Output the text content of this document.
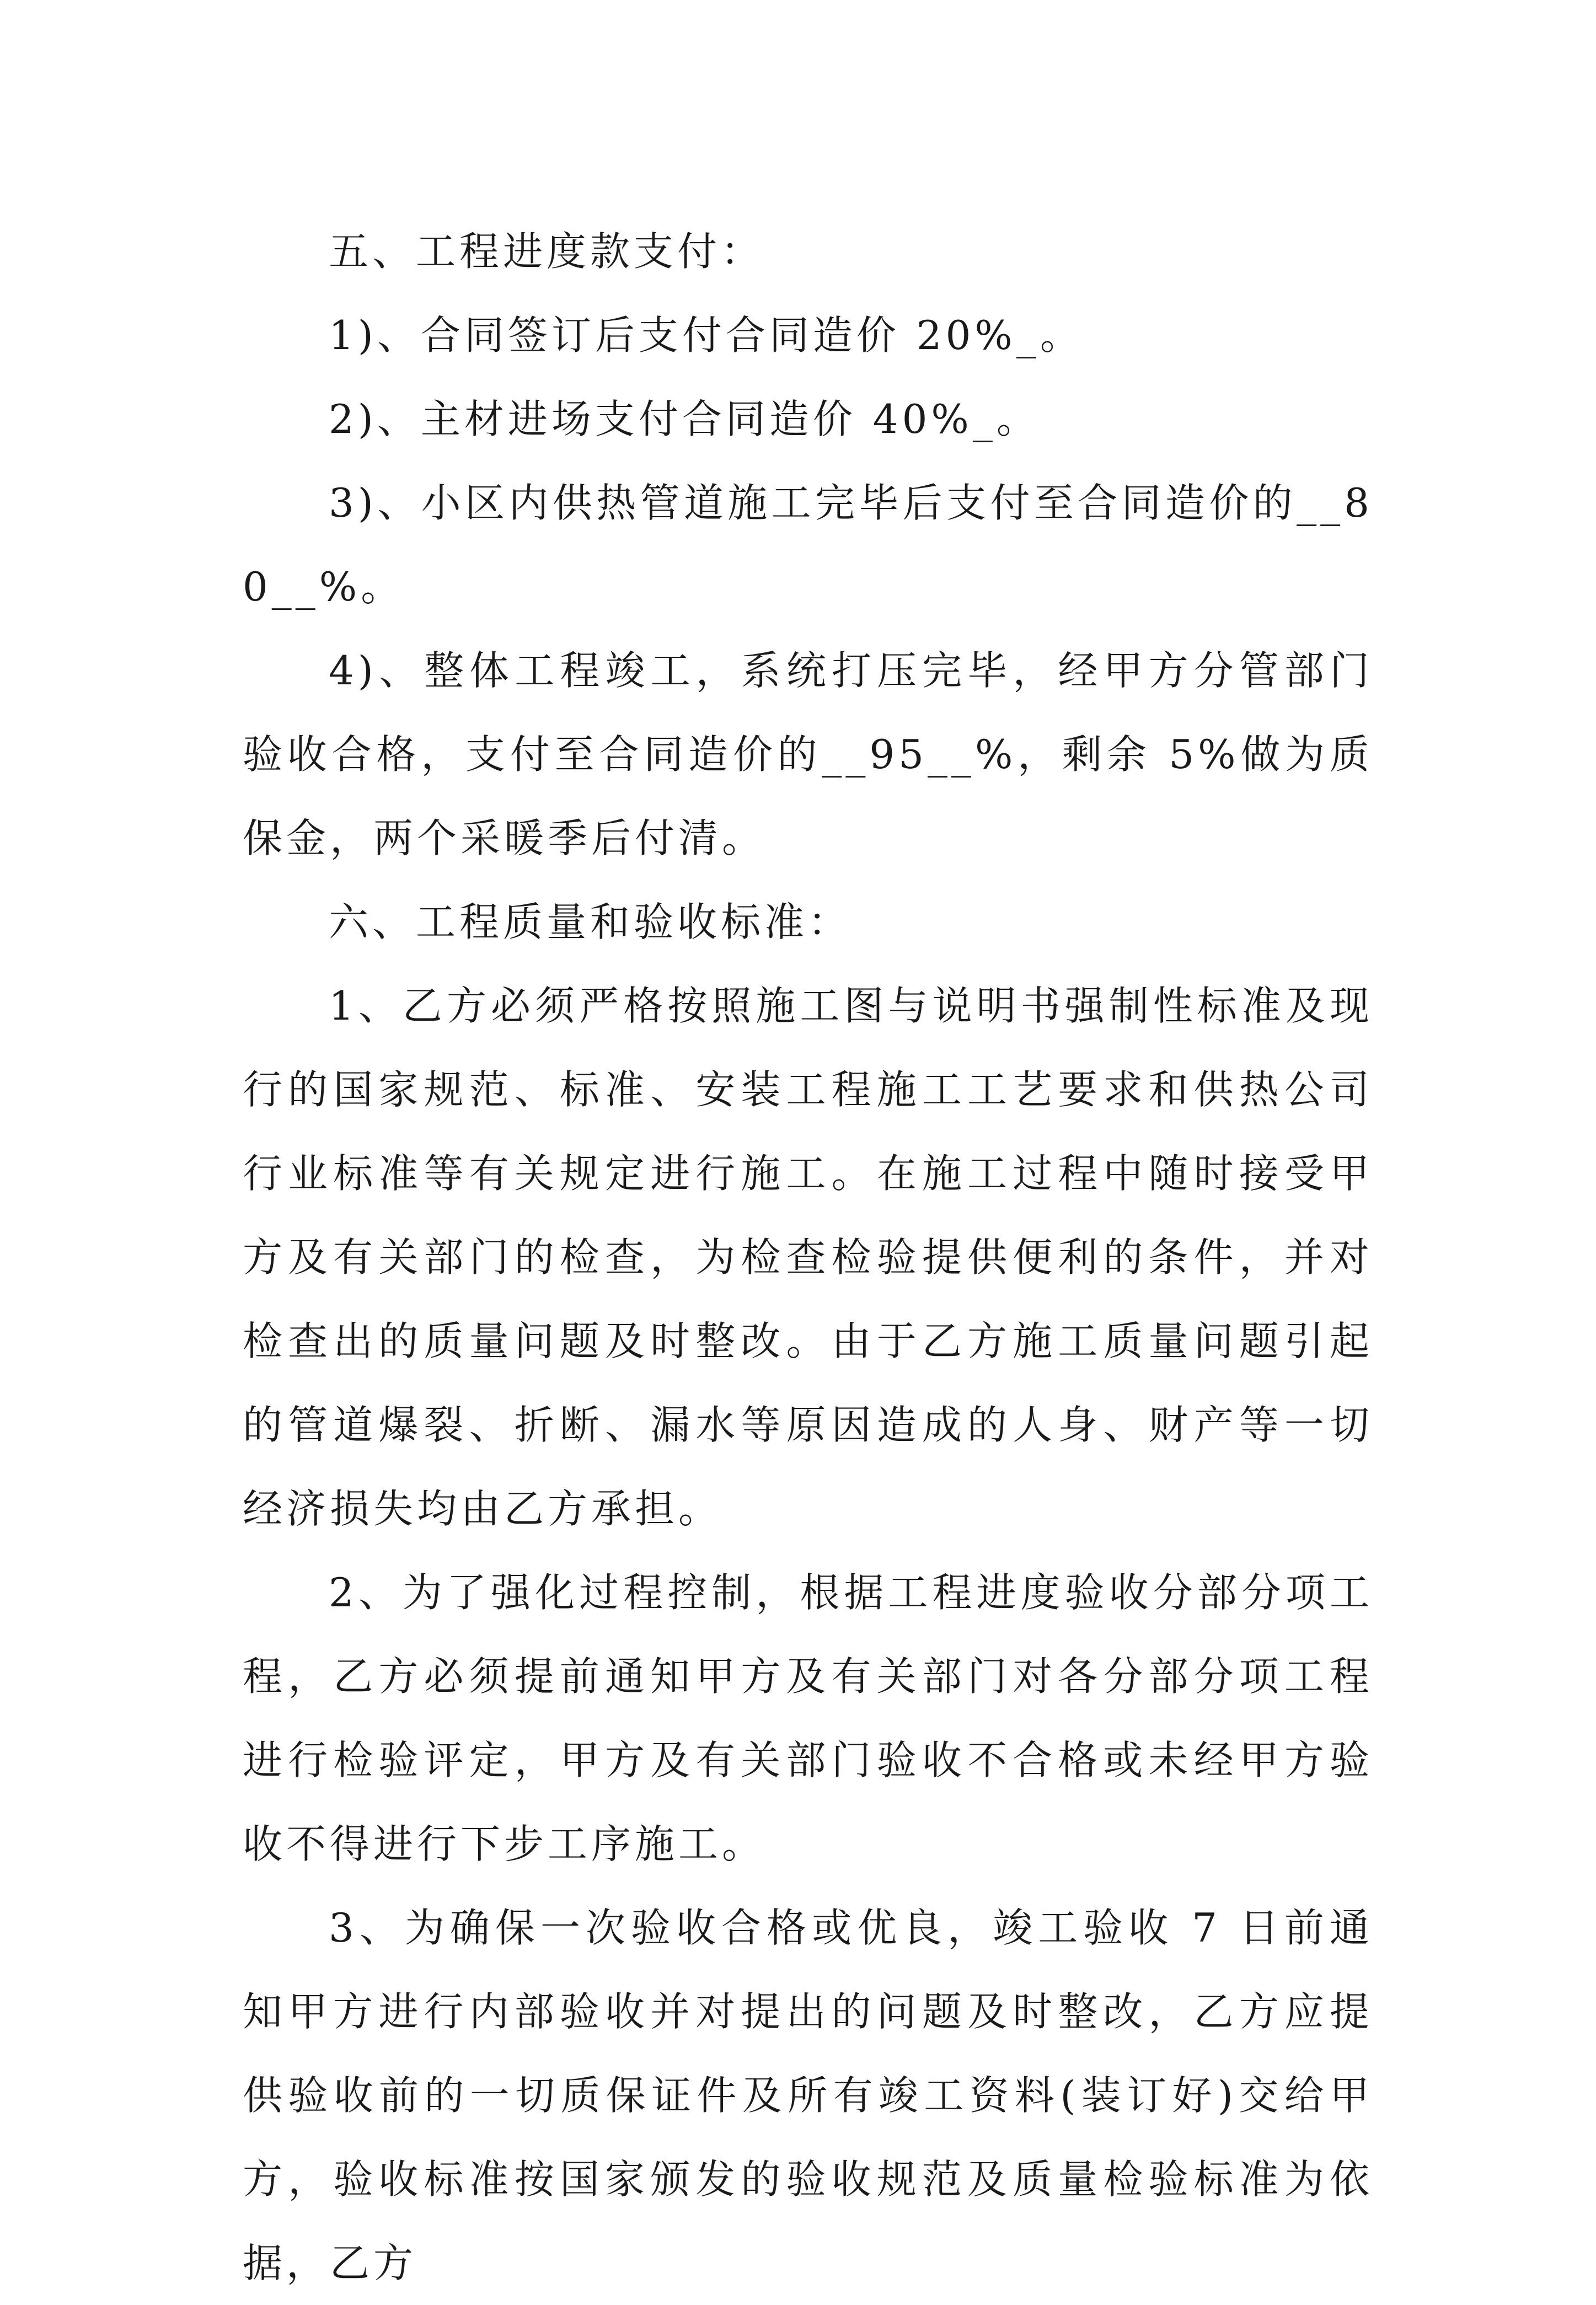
五、工程进度款支付：

1)、合同签订后支付合同造价 20%_。

2)、主材进场支付合同造价 40%_。

3)、小区内供热管道施工完毕后支付至合同造价的__80__%。

4)、整体工程竣工，系统打压完毕，经甲方分管部门验收合格，支付至合同造价的__95__%，剩余 5%做为质保金，两个采暖季后付清。

六、工程质量和验收标准：

1、乙方必须严格按照施工图与说明书强制性标准及现行的国家规范、标准、安装工程施工工艺要求和供热公司行业标准等有关规定进行施工。在施工过程中随时接受甲方及有关部门的检查，为检查检验提供便利的条件，并对检查出的质量问题及时整改。由于乙方施工质量问题引起的管道爆裂、折断、漏水等原因造成的人身、财产等一切经济损失均由乙方承担。

2、为了强化过程控制，根据工程进度验收分部分项工程，乙方必须提前通知甲方及有关部门对各分部分项工程进行检验评定，甲方及有关部门验收不合格或未经甲方验收不得进行下步工序施工。

3、为确保一次验收合格或优良，竣工验收 7 日前通知甲方进行内部验收并对提出的问题及时整改，乙方应提供验收前的一切质保证件及所有竣工资料(装订好)交给甲方，验收标准按国家颁发的验收规范及质量检验标准为依据，乙方
